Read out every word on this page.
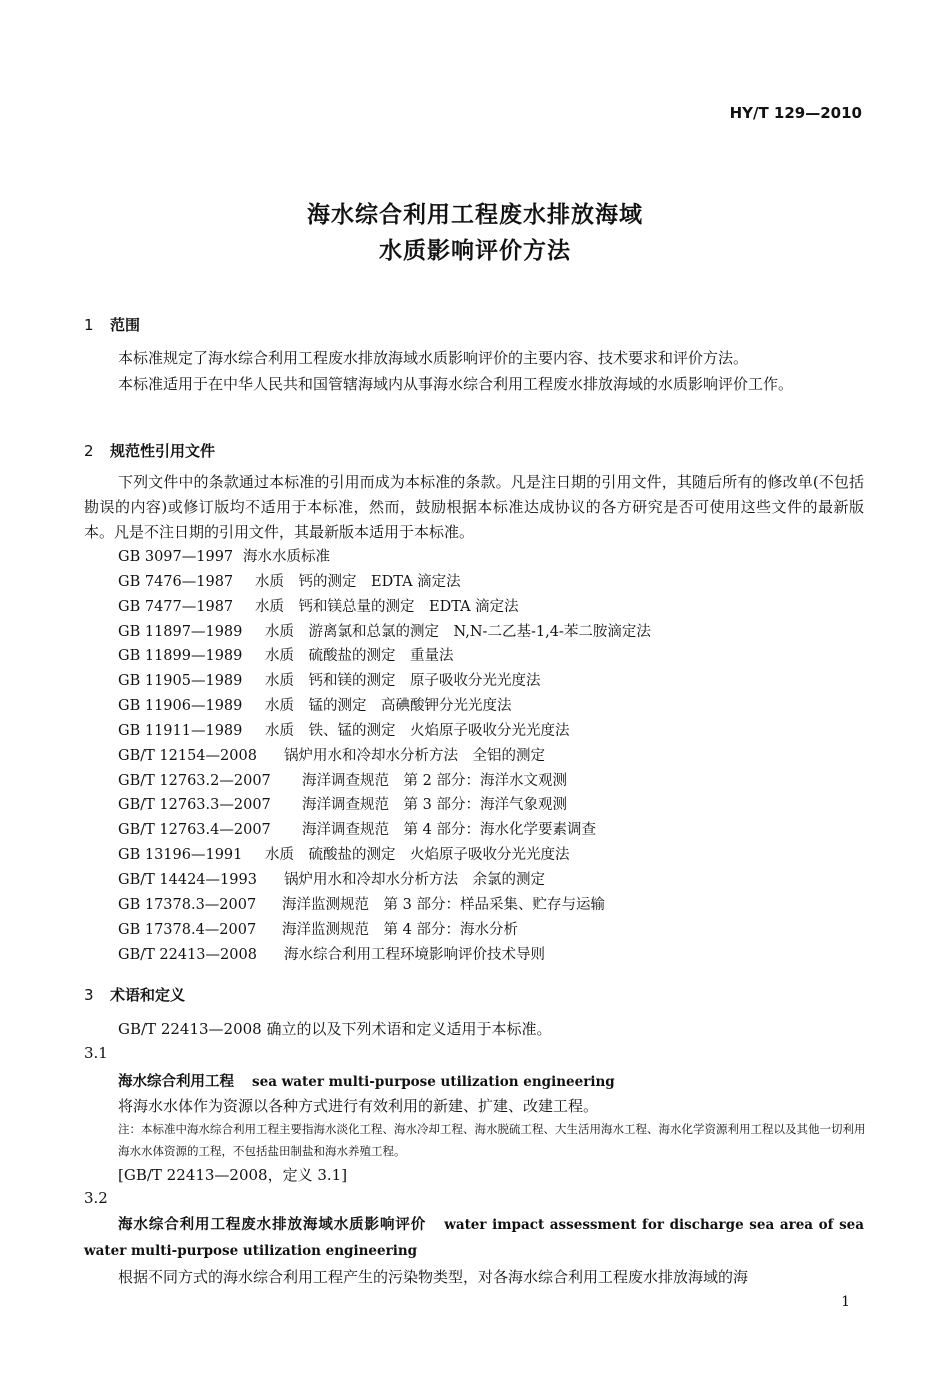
HY/T 129—2010
海水综合利用工程废水排放海域
水质影响评价方法
1 范围
本标准规定了海水综合利用工程废水排放海域水质影响评价的主要内容、技术要求和评价方法。
本标准适用于在中华人民共和国管辖海域内从事海水综合利用工程废水排放海域的水质影响评价工作。
2 规范性引用文件
下列文件中的条款通过本标准的引用而成为本标准的条款。凡是注日期的引用文件，其随后所有的修改单(不包括勘误的内容)或修订版均不适用于本标准，然而，鼓励根据本标准达成协议的各方研究是否可使用这些文件的最新版本。凡是不注日期的引用文件，其最新版本适用于本标准。
GB 3097—1997 海水水质标准
GB 7476—1987 水质　钙的测定　EDTA 滴定法
GB 7477—1987 水质　钙和镁总量的测定　EDTA 滴定法
GB 11897—1989 水质　游离氯和总氯的测定　N,N-二乙基-1,4-苯二胺滴定法
GB 11899—1989 水质　硫酸盐的测定　重量法
GB 11905—1989 水质　钙和镁的测定　原子吸收分光光度法
GB 11906—1989 水质　锰的测定　高碘酸钾分光光度法
GB 11911—1989 水质　铁、锰的测定　火焰原子吸收分光光度法
GB/T 12154—2008 锅炉用水和冷却水分析方法　全铝的测定
GB/T 12763.2—2007 海洋调查规范　第 2 部分：海洋水文观测
GB/T 12763.3—2007 海洋调查规范　第 3 部分：海洋气象观测
GB/T 12763.4—2007 海洋调查规范　第 4 部分：海水化学要素调查
GB 13196—1991 水质　硫酸盐的测定　火焰原子吸收分光光度法
GB/T 14424—1993 锅炉用水和冷却水分析方法　余氯的测定
GB 17378.3—2007 海洋监测规范　第 3 部分：样品采集、贮存与运输
GB 17378.4—2007 海洋监测规范　第 4 部分：海水分析
GB/T 22413—2008 海水综合利用工程环境影响评价技术导则
3 术语和定义
GB/T 22413—2008 确立的以及下列术语和定义适用于本标准。
3.1
海水综合利用工程 sea water multi-purpose utilization engineering
将海水水体作为资源以各种方式进行有效利用的新建、扩建、改建工程。
注：本标准中海水综合利用工程主要指海水淡化工程、海水冷却工程、海水脱硫工程、大生活用海水工程、海水化学资源利用工程以及其他一切利用海水水体资源的工程，不包括盐田制盐和海水养殖工程。
[GB/T 22413—2008，定义 3.1]
3.2
海水综合利用工程废水排放海域水质影响评价 water impact assessment for discharge sea area of sea water multi-purpose utilization engineering
根据不同方式的海水综合利用工程产生的污染物类型，对各海水综合利用工程废水排放海域的海
1
